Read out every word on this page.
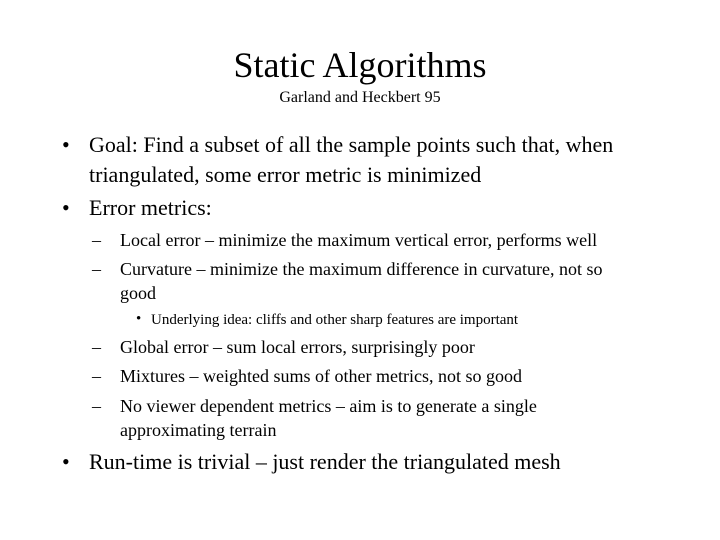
Static Algorithms
Garland and Heckbert 95
• Goal: Find a subset of all the sample points such that, when
triangulated, some error metric is minimized
• Error metrics:
– Local error – minimize the maximum vertical error, performs well
– Curvature – minimize the maximum difference in curvature, not so
good
• Underlying idea: cliffs and other sharp features are important
– Global error – sum local errors, surprisingly poor
– Mixtures – weighted sums of other metrics, not so good
– No viewer dependent metrics – aim is to generate a single
approximating terrain
• Run-time is trivial – just render the triangulated mesh
